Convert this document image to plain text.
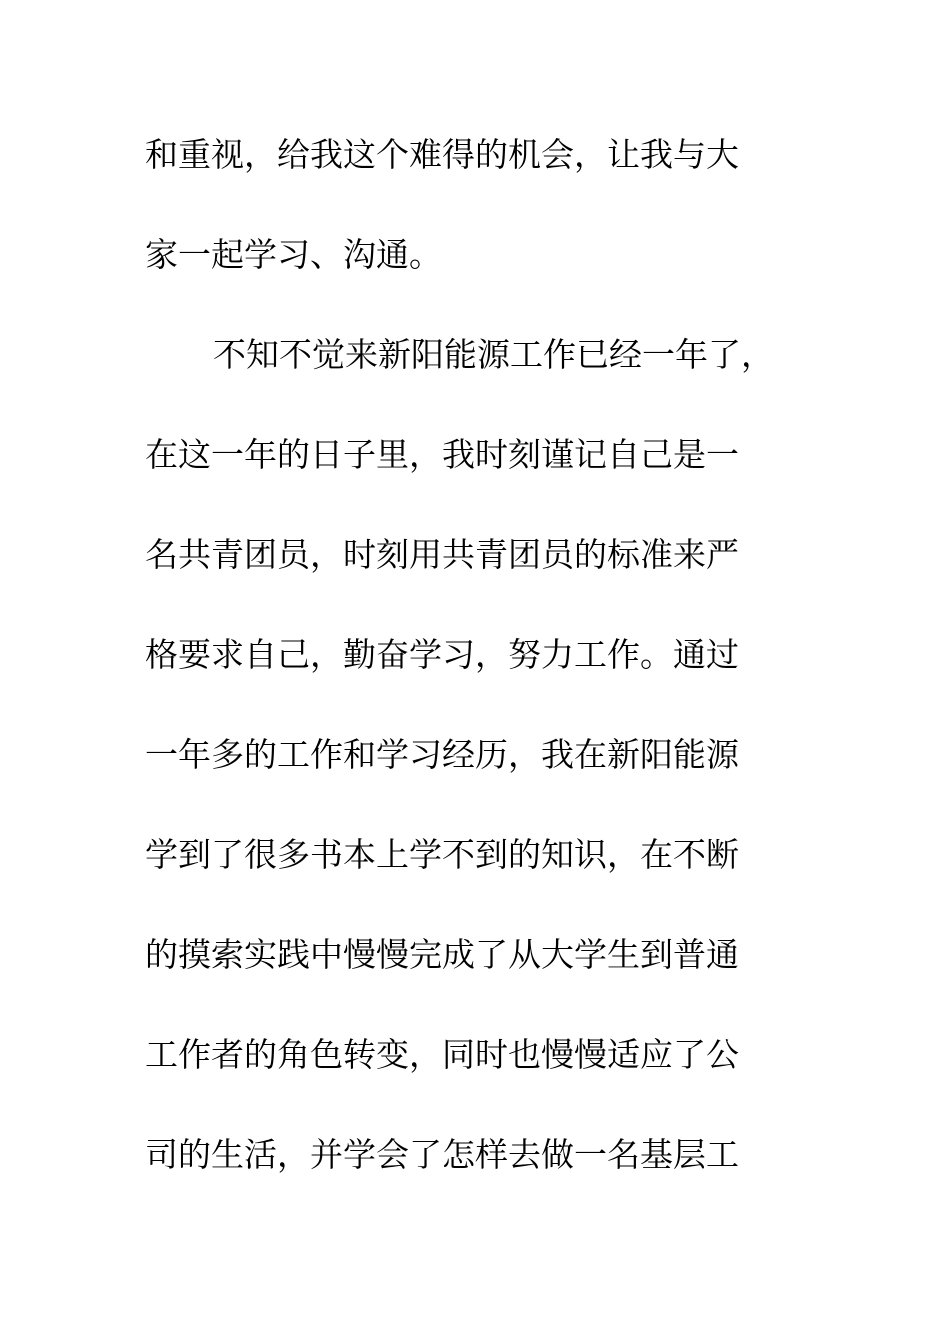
和重视，给我这个难得的机会，让我与大
家一起学习、沟通。
不知不觉来新阳能源工作已经一年了，
在这一年的日子里，我时刻谨记自己是一
名共青团员，时刻用共青团员的标准来严
格要求自己，勤奋学习，努力工作。通过
一年多的工作和学习经历，我在新阳能源
学到了很多书本上学不到的知识，在不断
的摸索实践中慢慢完成了从大学生到普通
工作者的角色转变，同时也慢慢适应了公
司的生活，并学会了怎样去做一名基层工
